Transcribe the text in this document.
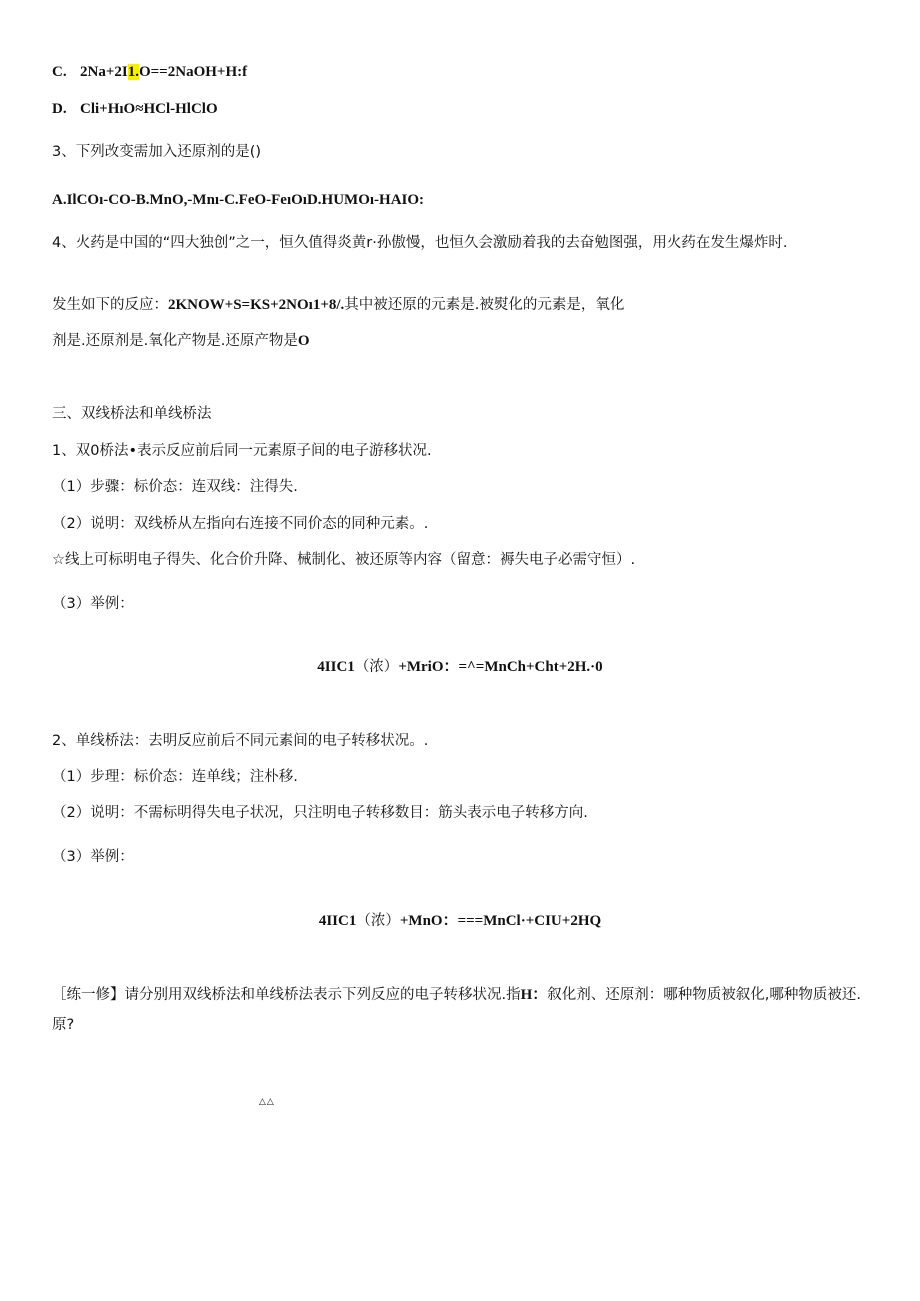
C. 2Na+2I1.O==2NaOH+H:f
D. Cli+HıO≈HCl-HlClO
3、下列改变需加入还原剂的是()
A.IlCOı-CO-B.MnO,-Mnı-C.FeO-FeıOıD.HUMOı-HAIO:
4、火药是中国的“四大独创”之一，恒久值得炎黄r·孙傲慢，也恒久会激励着我的去奋勉图强，用火药在发生爆炸时.
发生如下的反应：2KNOW+S=KS+2NOı1+8/.其中被还原的元素是.被熨化的元素是，氧化
剂是.还原剂是.氧化产物是.还原产物是O
三、双线桥法和单线桥法
1、双0桥法•表示反应前后同一元素原子间的电子游移状况.
（1）步骤：标价态：连双线：注得失.
（2）说明：双线桥从左指向右连接不同价态的同种元素。.
☆线上可标明电子得失、化合价升降、械制化、被还原等内容（留意：褥失电子必需守恒）.
（3）举例：
4IIC1（浓）+MriO：=^=MnCh+Cht+2H.·0
2、单线桥法：去明反应前后不同元素间的电子转移状况。.
（1）步理：标价态：连单线；注朴移.
（2）说明：不需标明得失电子状况，只注明电子转移数目：筋头表示电子转移方向.
（3）举例：
4IIC1（浓）+MnO：===MnCl·+CIU+2HQ
［练一修】请分别用双线桥法和单线桥法表示下列反应的电子转移状况.指H：叙化剂、还原剂：哪种物质被叙化,哪种物质被还.原?
△△
